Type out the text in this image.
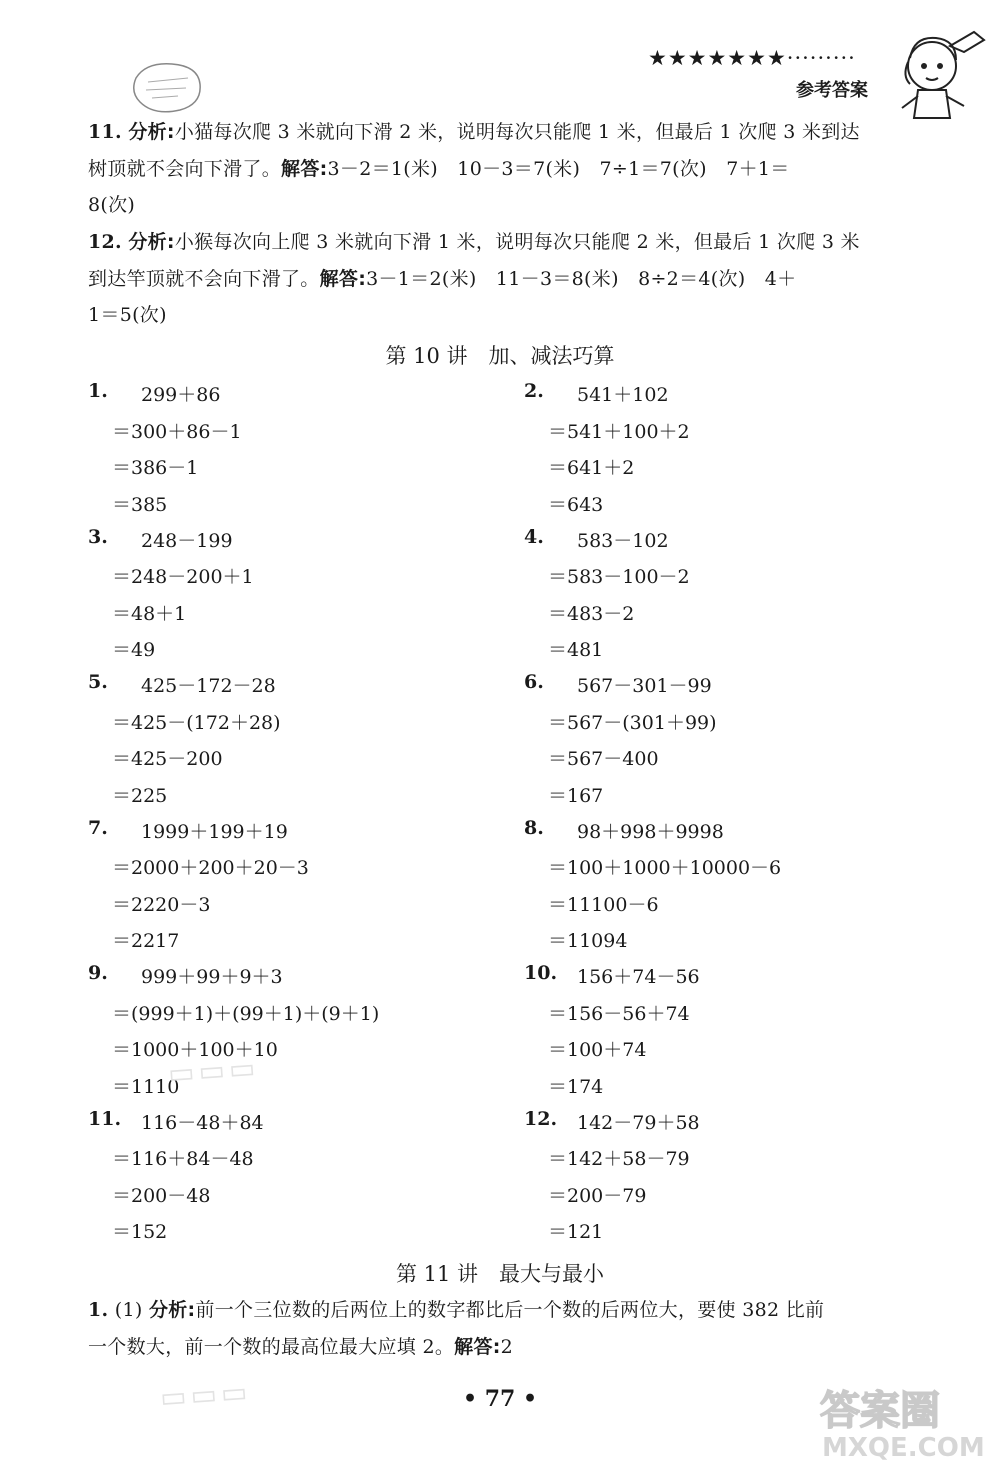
★★★★★★★·········
参考答案
11. 分析:小猫每次爬 3 米就向下滑 2 米，说明每次只能爬 1 米，但最后 1 次爬 3 米到达
树顶就不会向下滑了。解答:3－2＝1(米)　10－3＝7(米)　7÷1＝7(次)　7＋1＝
8(次)
12. 分析:小猴每次向上爬 3 米就向下滑 1 米，说明每次只能爬 2 米，但最后 1 次爬 3 米
到达竿顶就不会向下滑了。解答:3－1＝2(米)　11－3＝8(米)　8÷2＝4(次)　4＋
1＝5(次)
第 10 讲　加、减法巧算
1. 　299＋86
＝300＋86－1
＝386－1
＝385
2. 　541＋102
＝541＋100＋2
＝641＋2
＝643
3. 　248－199
＝248－200＋1
＝48＋1
＝49
4. 　583－102
＝583－100－2
＝483－2
＝481
5. 　425－172－28
＝425－(172＋28)
＝425－200
＝225
6. 　567－301－99
＝567－(301＋99)
＝567－400
＝167
7. 　1999＋199＋19
＝2000＋200＋20－3
＝2220－3
＝2217
8. 　98＋998＋9998
＝100＋1000＋10000－6
＝11100－6
＝11094
9. 　999＋99＋9＋3
＝(999＋1)＋(99＋1)＋(9＋1)
＝1000＋100＋10
＝1110
10. 　156＋74－56
＝156－56＋74
＝100＋74
＝174
11. 　116－48＋84
＝116＋84－48
＝200－48
＝152
12. 　142－79＋58
＝142＋58－79
＝200－79
＝121
▭▭▭
▭▭▭
第 11 讲　最大与最小
1. (1) 分析:前一个三位数的后两位上的数字都比后一个数的后两位大，要使 382 比前
一个数大，前一个数的最高位最大应填 2。解答:2
• 77 •	答案圈
MXQE.COM
